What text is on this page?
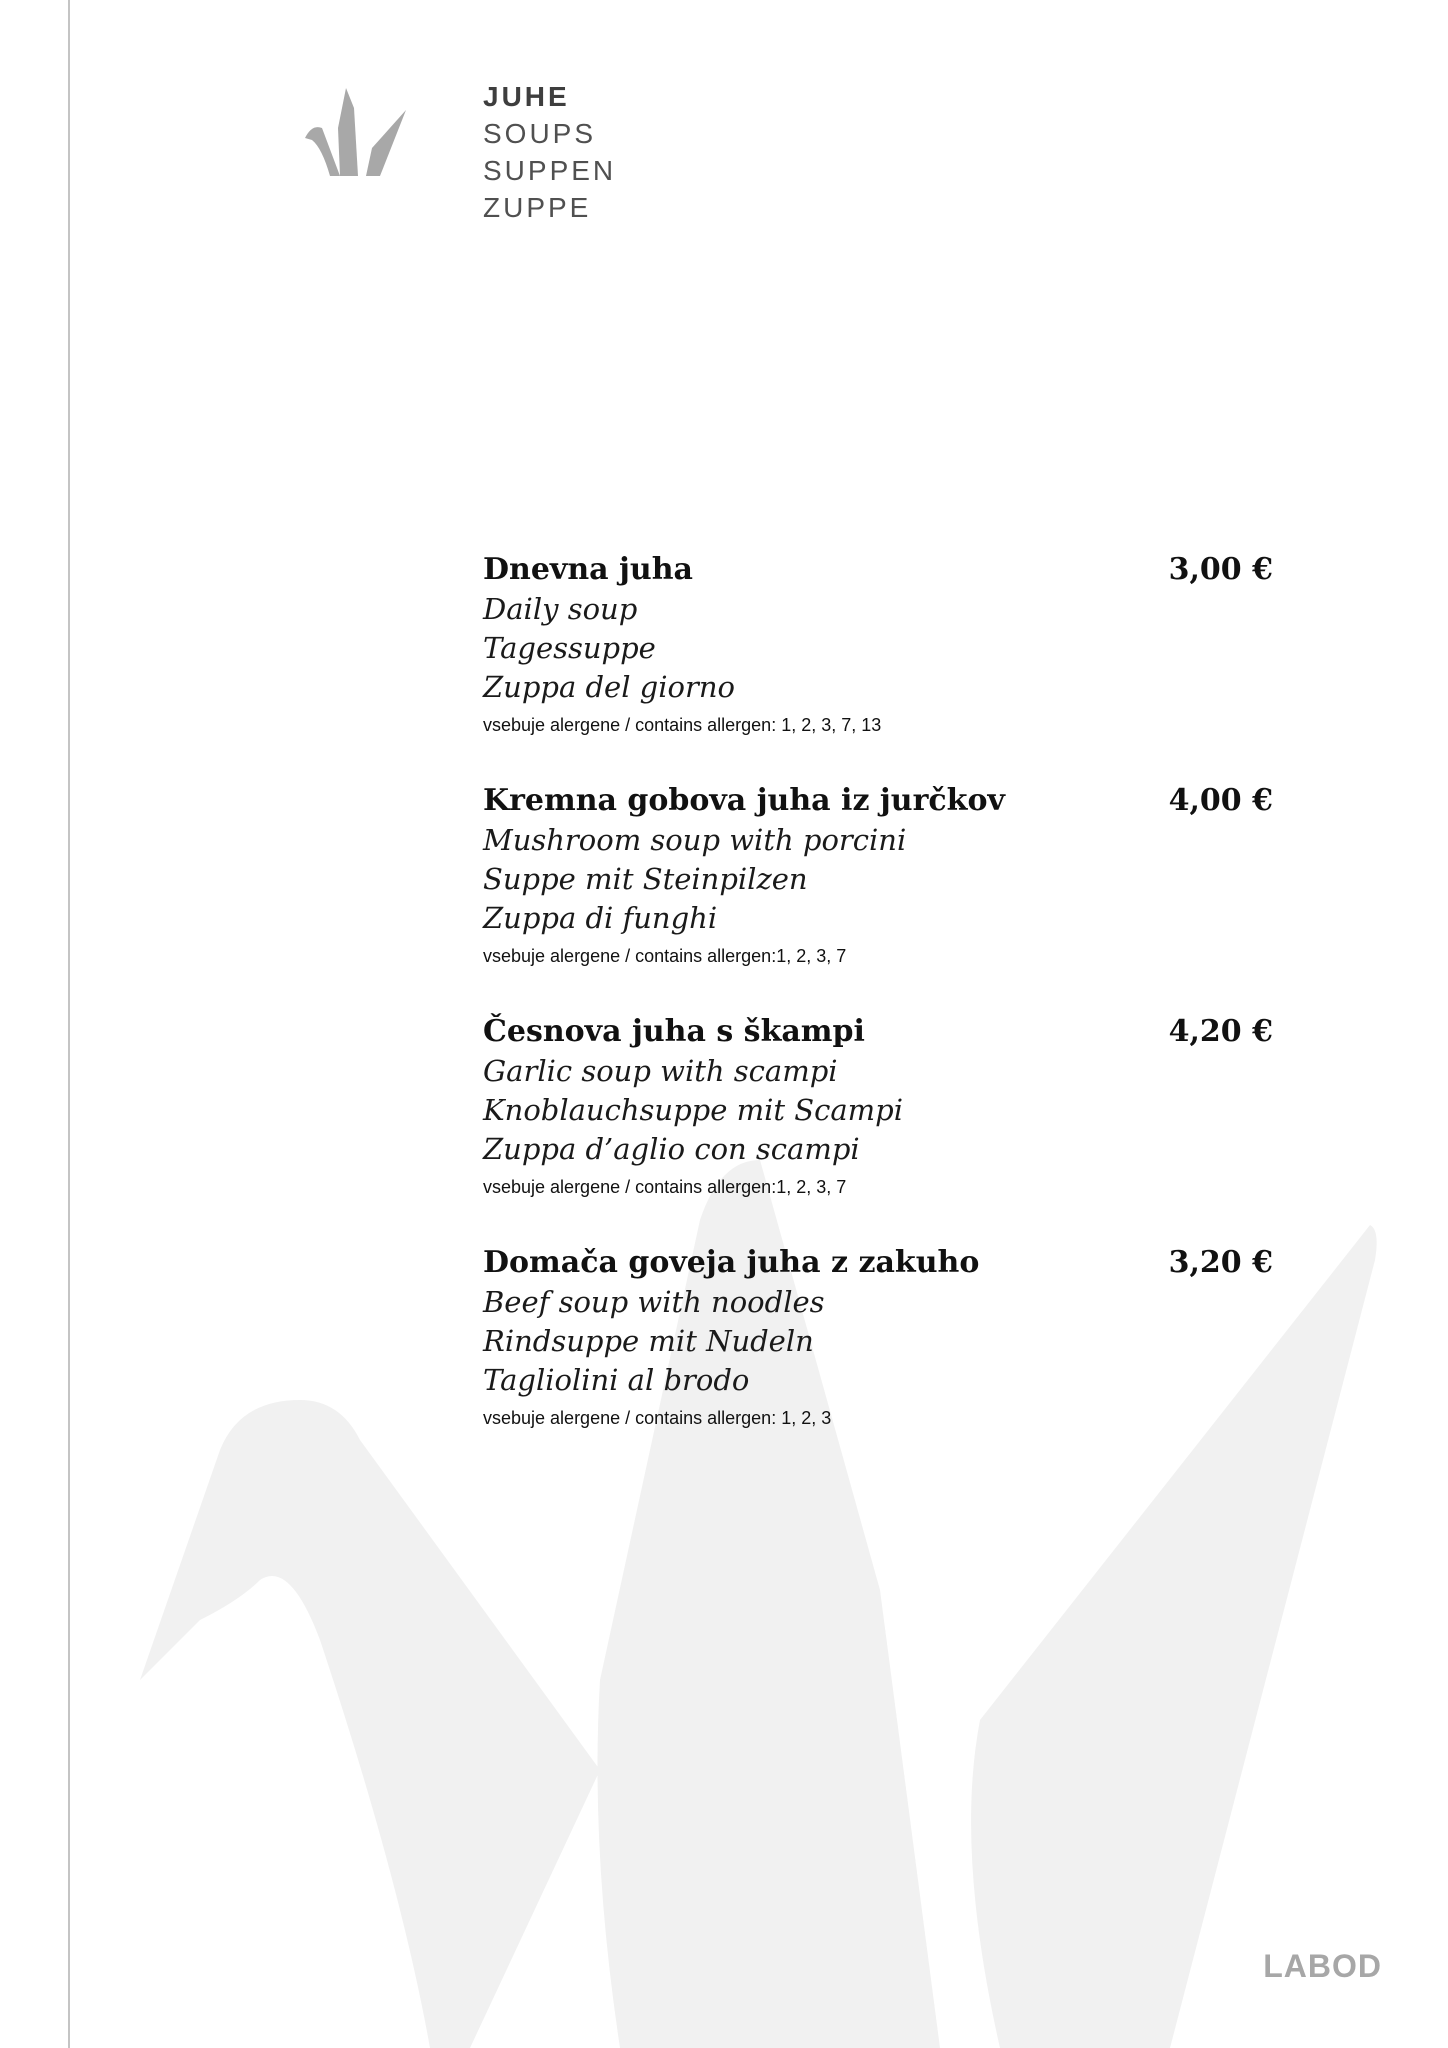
JUHE
SOUPS
SUPPEN
ZUPPE
Dnevna juha	3,00 €
Daily soup
Tagessuppe
Zuppa del giorno
vsebuje alergene / contains allergen: 1, 2, 3, 7, 13
Kremna gobova juha iz jurčkov	4,00 €
Mushroom soup with porcini
Suppe mit Steinpilzen
Zuppa di funghi
vsebuje alergene / contains allergen:1, 2, 3, 7
Česnova juha s škampi	4,20 €
Garlic soup with scampi
Knoblauchsuppe mit Scampi
Zuppa d’aglio con scampi
vsebuje alergene / contains allergen:1, 2, 3, 7
Domača goveja juha z zakuho	3,20 €
Beef soup with noodles
Rindsuppe mit Nudeln
Tagliolini al brodo
vsebuje alergene / contains allergen: 1, 2, 3
LABOD
